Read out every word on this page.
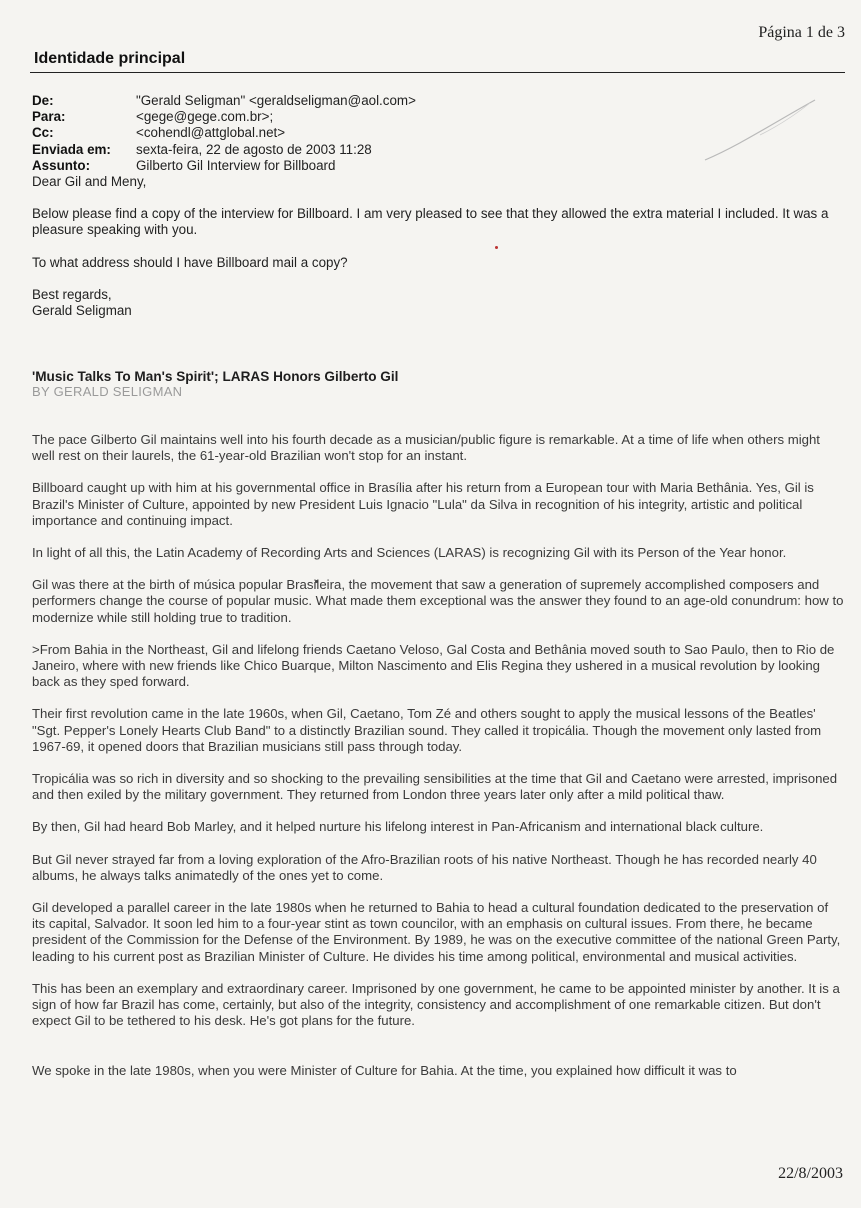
Página 1 de 3
Identidade principal
De:	"Gerald Seligman" <geraldseligman@aol.com>
Para:	<gege@gege.com.br>;
Cc:	<cohendl@attglobal.net>
Enviada em:	sexta-feira, 22 de agosto de 2003 11:28
Assunto:	Gilberto Gil Interview for Billboard

Dear Gil and Meny,

Below please find a copy of the interview for Billboard. I am very pleased to see that they allowed the extra material I included. It was a pleasure speaking with you.

To what address should I have Billboard mail a copy?

Best regards,
Gerald Seligman
'Music Talks To Man's Spirit'; LARAS Honors Gilberto Gil
BY GERALD SELIGMAN

The pace Gilberto Gil maintains well into his fourth decade as a musician/public figure is remarkable. At a time of life when others might well rest on their laurels, the 61-year-old Brazilian won't stop for an instant.

Billboard caught up with him at his governmental office in Brasília after his return from a European tour with Maria Bethânia. Yes, Gil is Brazil's Minister of Culture, appointed by new President Luis Ignacio "Lula" da Silva in recognition of his integrity, artistic and political importance and continuing impact.

In light of all this, the Latin Academy of Recording Arts and Sciences (LARAS) is recognizing Gil with its Person of the Year honor.

Gil was there at the birth of música popular Brasileira, the movement that saw a generation of supremely accomplished composers and performers change the course of popular music. What made them exceptional was the answer they found to an age-old conundrum: how to modernize while still holding true to tradition.

>From Bahia in the Northeast, Gil and lifelong friends Caetano Veloso, Gal Costa and Bethânia moved south to Sao Paulo, then to Rio de Janeiro, where with new friends like Chico Buarque, Milton Nascimento and Elis Regina they ushered in a musical revolution by looking back as they sped forward.

Their first revolution came in the late 1960s, when Gil, Caetano, Tom Zé and others sought to apply the musical lessons of the Beatles' "Sgt. Pepper's Lonely Hearts Club Band" to a distinctly Brazilian sound. They called it tropicália. Though the movement only lasted from 1967-69, it opened doors that Brazilian musicians still pass through today.

Tropicália was so rich in diversity and so shocking to the prevailing sensibilities at the time that Gil and Caetano were arrested, imprisoned and then exiled by the military government. They returned from London three years later only after a mild political thaw.

By then, Gil had heard Bob Marley, and it helped nurture his lifelong interest in Pan-Africanism and international black culture.

But Gil never strayed far from a loving exploration of the Afro-Brazilian roots of his native Northeast. Though he has recorded nearly 40 albums, he always talks animatedly of the ones yet to come.

Gil developed a parallel career in the late 1980s when he returned to Bahia to head a cultural foundation dedicated to the preservation of its capital, Salvador. It soon led him to a four-year stint as town councilor, with an emphasis on cultural issues. From there, he became president of the Commission for the Defense of the Environment. By 1989, he was on the executive committee of the national Green Party, leading to his current post as Brazilian Minister of Culture. He divides his time among political, environmental and musical activities.

This has been an exemplary and extraordinary career. Imprisoned by one government, he came to be appointed minister by another. It is a sign of how far Brazil has come, certainly, but also of the integrity, consistency and accomplishment of one remarkable citizen. But don't expect Gil to be tethered to his desk. He's got plans for the future.

We spoke in the late 1980s, when you were Minister of Culture for Bahia. At the time, you explained how difficult it was to

22/8/2003
